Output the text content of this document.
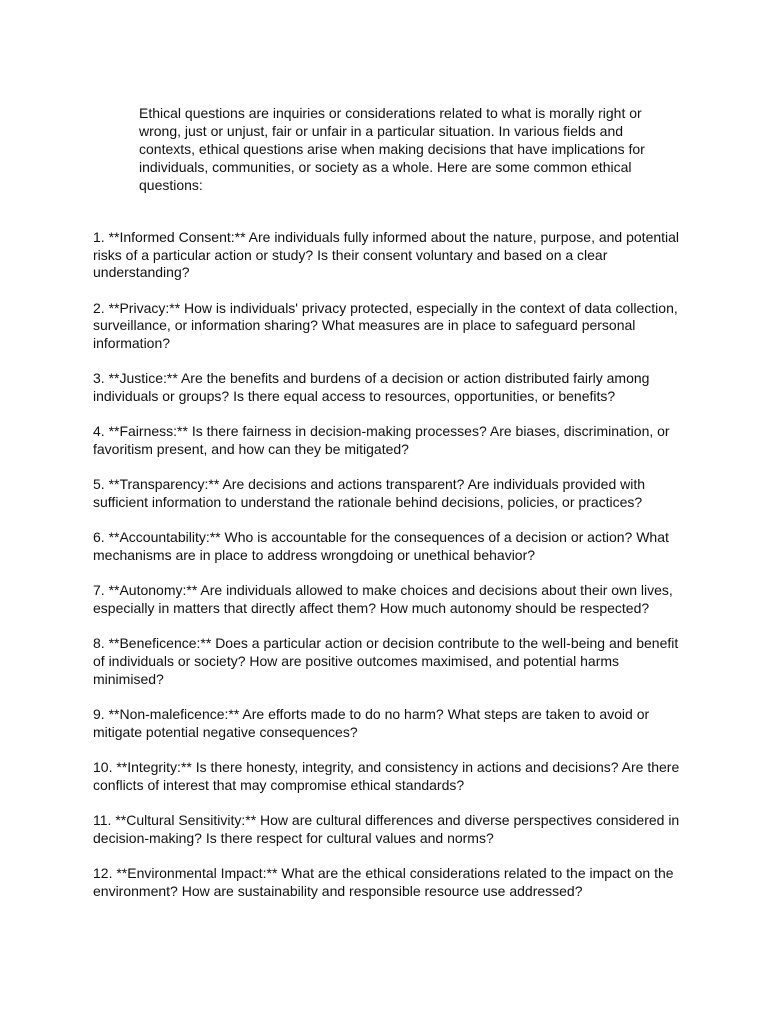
Ethical questions are inquiries or considerations related to what is morally right or wrong, just or unjust, fair or unfair in a particular situation. In various fields and contexts, ethical questions arise when making decisions that have implications for individuals, communities, or society as a whole. Here are some common ethical questions:

1. **Informed Consent:** Are individuals fully informed about the nature, purpose, and potential risks of a particular action or study? Is their consent voluntary and based on a clear understanding?
2. **Privacy:** How is individuals' privacy protected, especially in the context of data collection, surveillance, or information sharing? What measures are in place to safeguard personal information?
3. **Justice:** Are the benefits and burdens of a decision or action distributed fairly among individuals or groups? Is there equal access to resources, opportunities, or benefits?
4. **Fairness:** Is there fairness in decision-making processes? Are biases, discrimination, or favoritism present, and how can they be mitigated?
5. **Transparency:** Are decisions and actions transparent? Are individuals provided with sufficient information to understand the rationale behind decisions, policies, or practices?
6. **Accountability:** Who is accountable for the consequences of a decision or action? What mechanisms are in place to address wrongdoing or unethical behavior?
7. **Autonomy:** Are individuals allowed to make choices and decisions about their own lives, especially in matters that directly affect them? How much autonomy should be respected?
8. **Beneficence:** Does a particular action or decision contribute to the well-being and benefit of individuals or society? How are positive outcomes maximised, and potential harms minimised?
9. **Non-maleficence:** Are efforts made to do no harm? What steps are taken to avoid or mitigate potential negative consequences?
10. **Integrity:** Is there honesty, integrity, and consistency in actions and decisions? Are there conflicts of interest that may compromise ethical standards?
11. **Cultural Sensitivity:** How are cultural differences and diverse perspectives considered in decision-making? Is there respect for cultural values and norms?
12. **Environmental Impact:** What are the ethical considerations related to the impact on the environment? How are sustainability and responsible resource use addressed?
